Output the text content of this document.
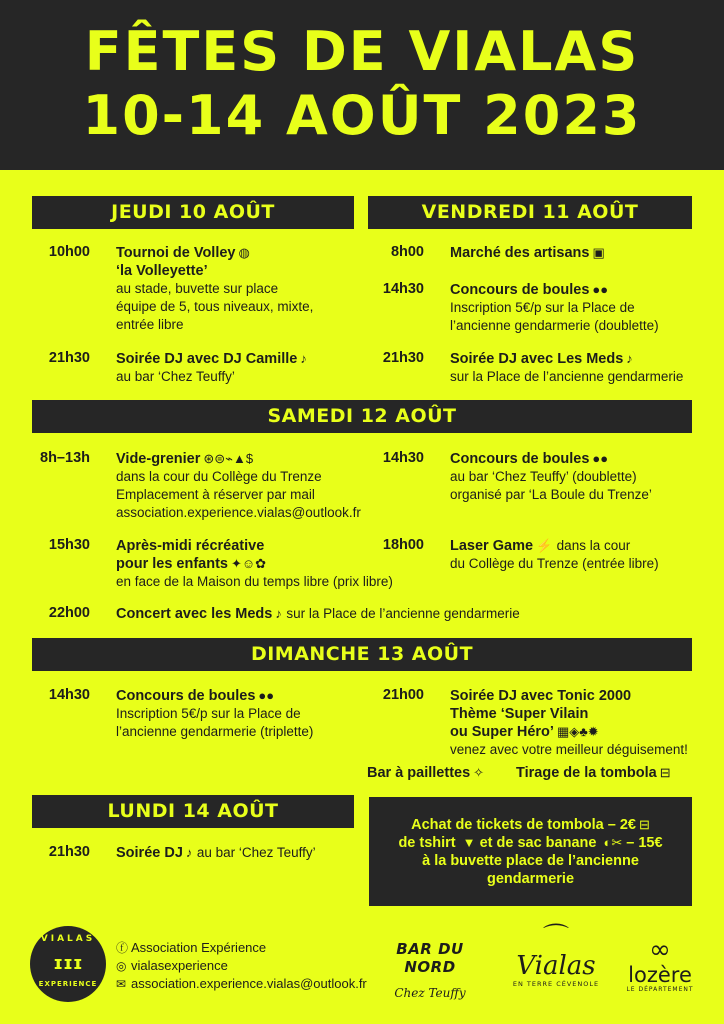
FÊTES DE VIALAS
10-14 AOÛT 2023
JEUDI 10 AOÛT
10h00 Tournoi de Volley ◍
‘la Volleyette’
au stade, buvette sur place
équipe de 5, tous niveaux, mixte,
entrée libre
21h30 Soirée DJ avec DJ Camille ♪
au bar ‘Chez Teuffy’
VENDREDI 11 AOÛT
8h00 Marché des artisans ▣
14h30 Concours de boules ●●
Inscription 5€/p sur la Place de
l’ancienne gendarmerie (doublette)
21h30 Soirée DJ avec Les Meds ♪
sur la Place de l’ancienne gendarmerie
SAMEDI 12 AOÛT
8h–13h Vide-grenier ⊛⊜⌁▲$
dans la cour du Collège du Trenze
Emplacement à réserver par mail
association.experience.vialas@outlook.fr
14h30 Concours de boules ●●
au bar ‘Chez Teuffy’ (doublette)
organisé par ‘La Boule du Trenze’
15h30 Après-midi récréative
pour les enfants ✦☺✿
en face de la Maison du temps libre (prix libre)
18h00 Laser Game ⚡ dans la cour
du Collège du Trenze (entrée libre)
22h00 Concert avec les Meds ♪ sur la Place de l’ancienne gendarmerie
DIMANCHE 13 AOÛT
14h30 Concours de boules ●●
Inscription 5€/p sur la Place de
l’ancienne gendarmerie (triplette)
21h00 Soirée DJ avec Tonic 2000
Thème ‘Super Vilain
ou Super Héro’ ▦◈♣✹
venez avec votre meilleur déguisement!
Bar à paillettes ✧ Tirage de la tombola ⊟
LUNDI 14 AOÛT
21h30 Soirée DJ ♪ au bar ‘Chez Teuffy’
Achat de tickets de tombola – 2€ ⊟
de tshirt ▼ et de sac banane ◐✂ – 15€
à la buvette place de l’ancienne
gendarmerie
VIALAS
ɪɪɪ
EXPERIENCE
ⓕ Association Expérience
◎ vialasexperience
✉ association.experience.vialas@outlook.fr
BAR DU NORD
Chez Teuffy
⌒
Vialas
EN TERRE CÉVENOLE
∞
lozère
LE DÉPARTEMENT
